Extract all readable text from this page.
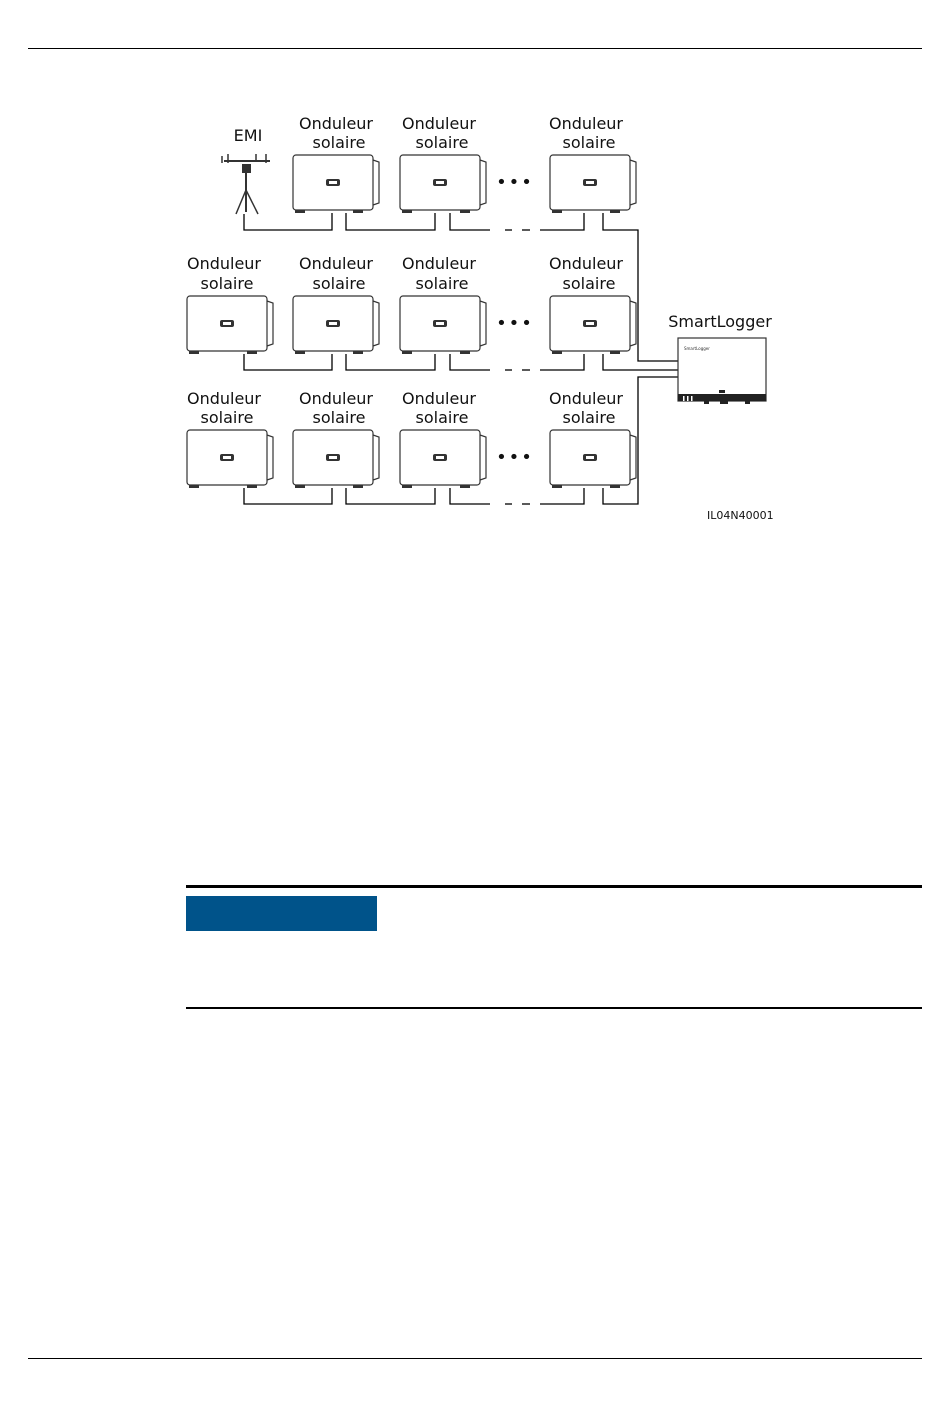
EMI
Onduleur
solaire
Onduleur
solaire
Onduleur
solaire
Onduleur
solaire
Onduleur
solaire
Onduleur
solaire
Onduleur
solaire
Onduleur
solaire
Onduleur
solaire
Onduleur
solaire
Onduleur
solaire
•••
•••
•••
SmartLogger
SmartLogger
IL04N40001
